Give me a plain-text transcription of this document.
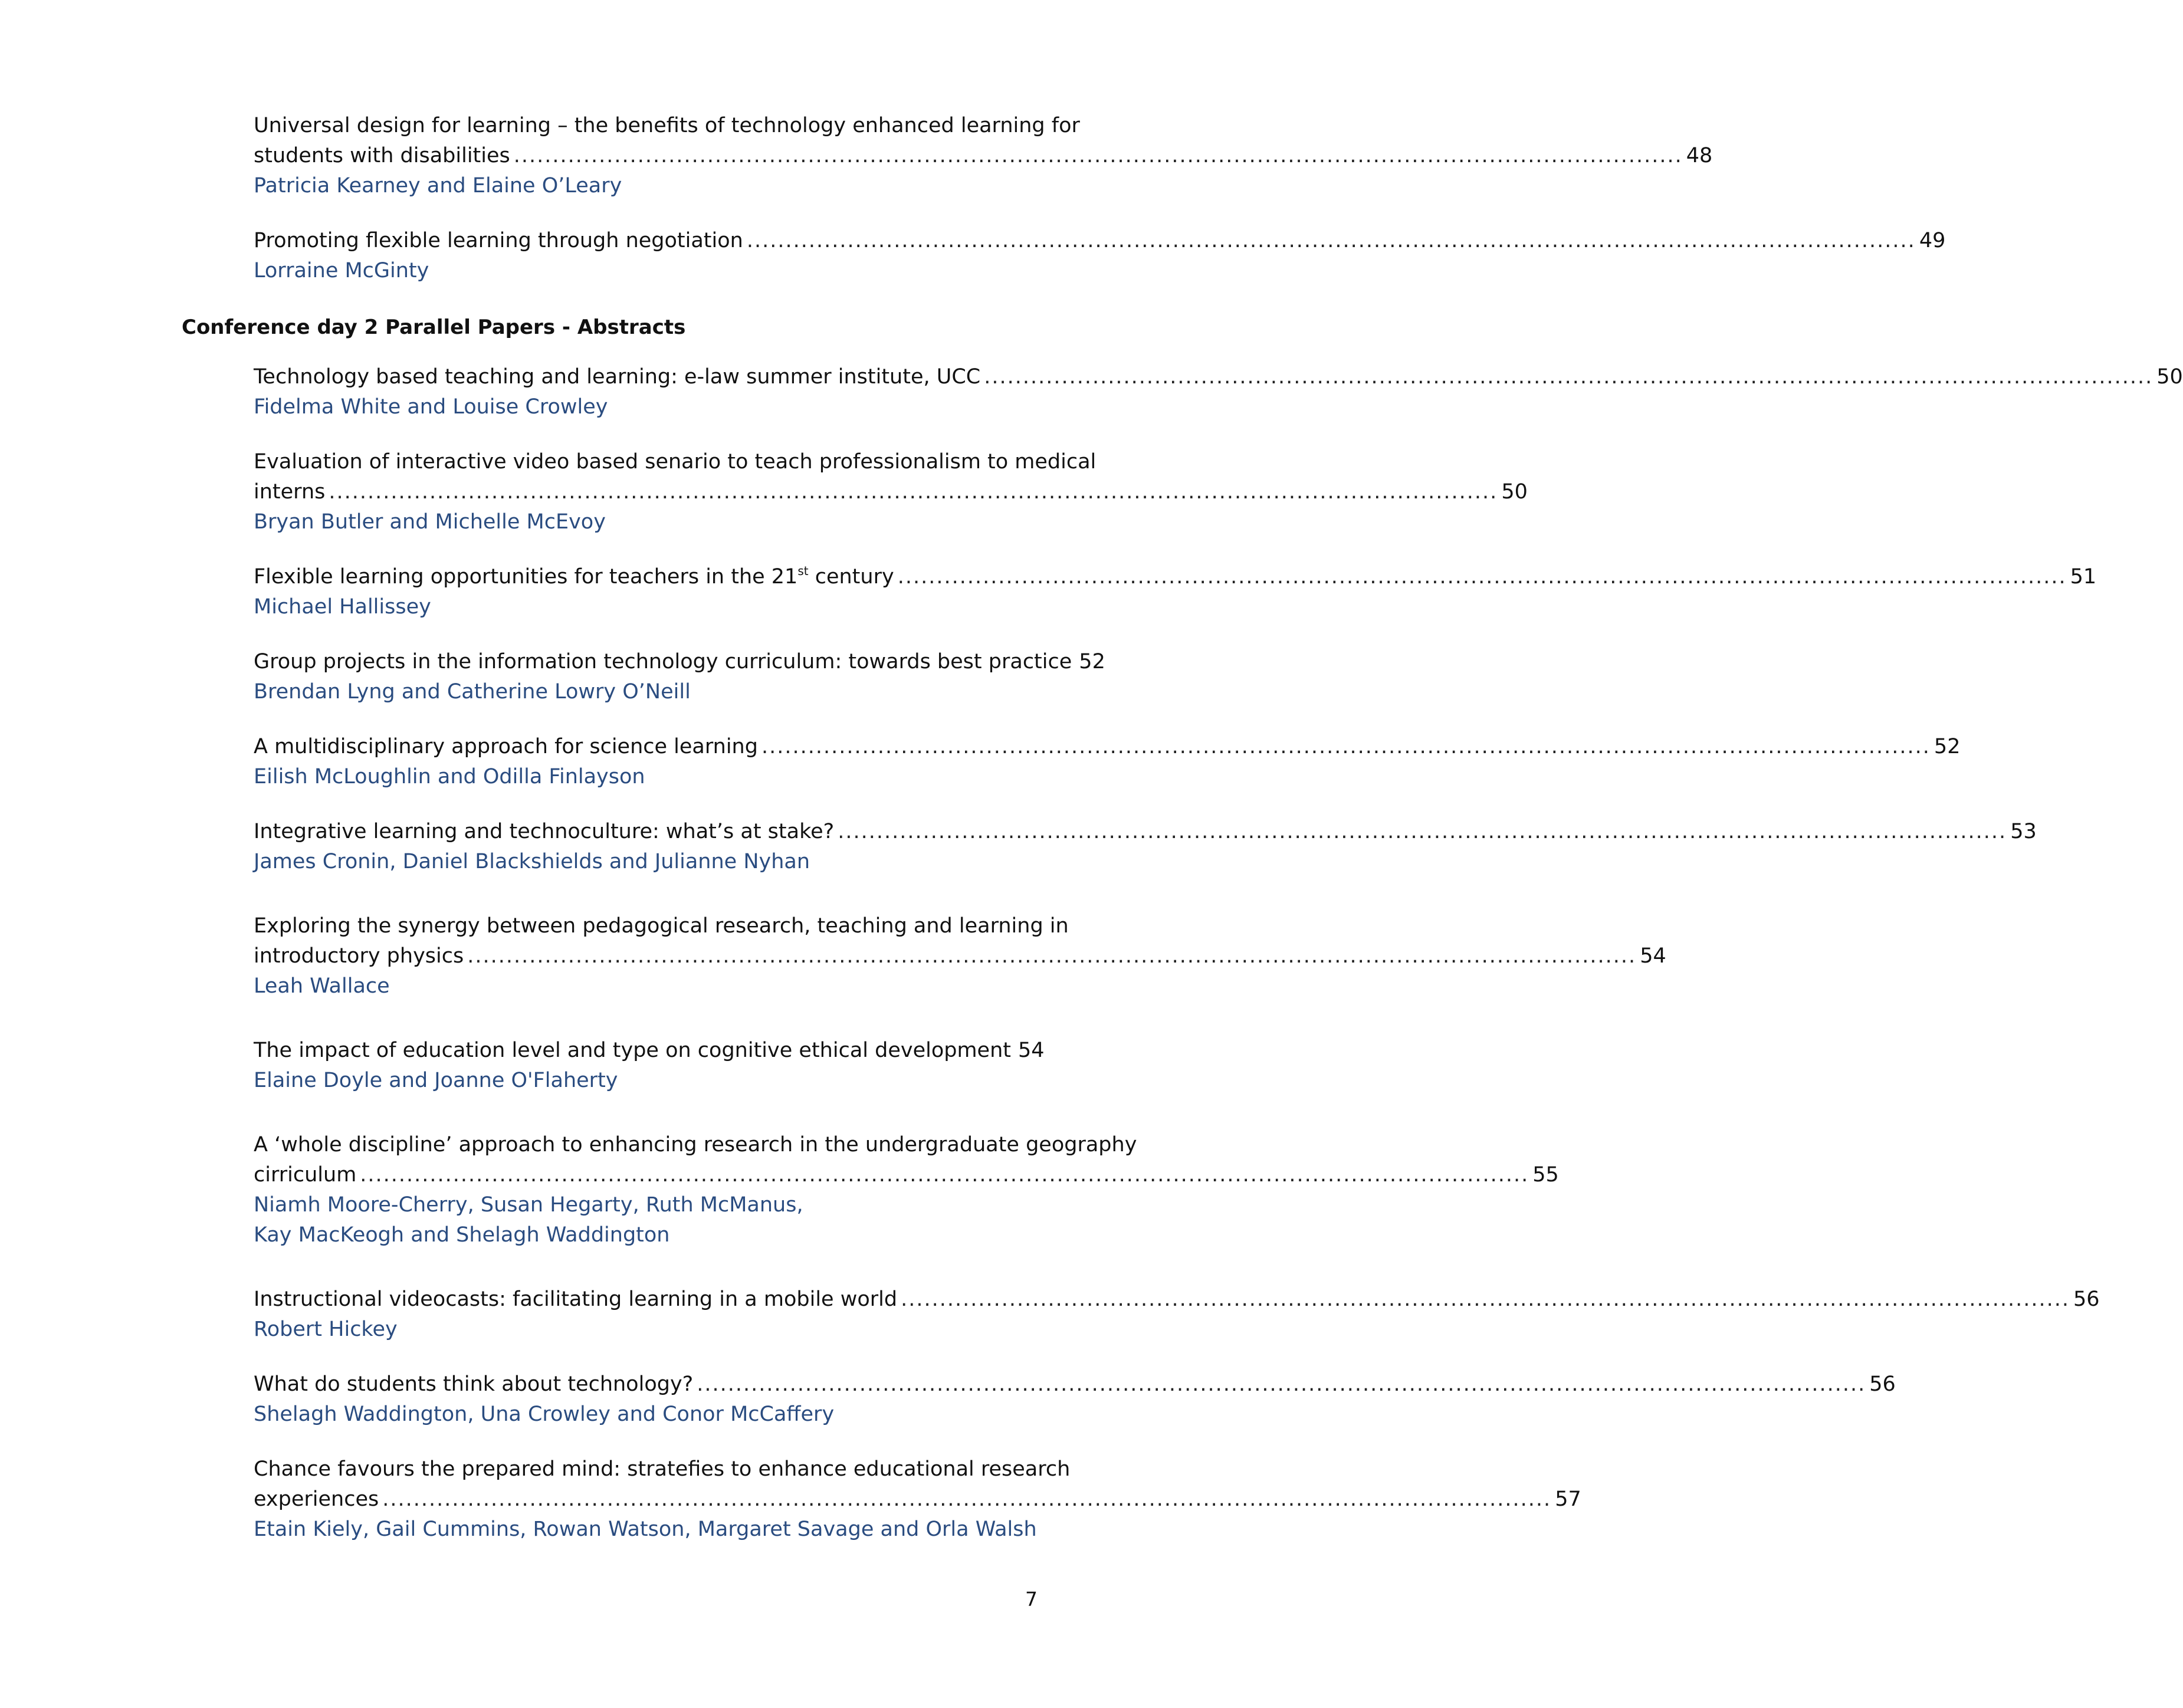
Universal design for learning – the benefits of technology enhanced learning for
students with disabilities ....................................................................................................................................................... 48
Patricia Kearney and Elaine O’Leary
Promoting flexible learning through negotiation ....................................................................................................................................................... 49
Lorraine McGinty
Conference day 2 Parallel Papers - Abstracts
Technology based teaching and learning: e-law summer institute, UCC ....................................................................................................................................................... 50
Fidelma White and Louise Crowley
Evaluation of interactive video based senario to teach professionalism to medical
interns ....................................................................................................................................................... 50
Bryan Butler and Michelle McEvoy
Flexible learning opportunities for teachers in the 21st century ....................................................................................................................................................... 51
Michael Hallissey
Group projects in the information technology curriculum: towards best practice 52
Brendan Lyng and Catherine Lowry O’Neill
A multidisciplinary approach for science learning ....................................................................................................................................................... 52
Eilish McLoughlin and Odilla Finlayson
Integrative learning and technoculture: what’s at stake? ....................................................................................................................................................... 53
James Cronin, Daniel Blackshields and Julianne Nyhan
Exploring the synergy between pedagogical research, teaching and learning in
introductory physics ....................................................................................................................................................... 54
Leah Wallace
The impact of education level and type on cognitive ethical development 54
Elaine Doyle and Joanne O'Flaherty
A ‘whole discipline’ approach to enhancing research in the undergraduate geography
cirriculum ....................................................................................................................................................... 55
Niamh Moore-Cherry, Susan Hegarty, Ruth McManus,
Kay MacKeogh and Shelagh Waddington
Instructional videocasts: facilitating learning in a mobile world ....................................................................................................................................................... 56
Robert Hickey
What do students think about technology? ....................................................................................................................................................... 56
Shelagh Waddington, Una Crowley and Conor McCaffery
Chance favours the prepared mind: stratefies to enhance educational research
experiences ....................................................................................................................................................... 57
Etain Kiely, Gail Cummins, Rowan Watson, Margaret Savage and Orla Walsh
7
